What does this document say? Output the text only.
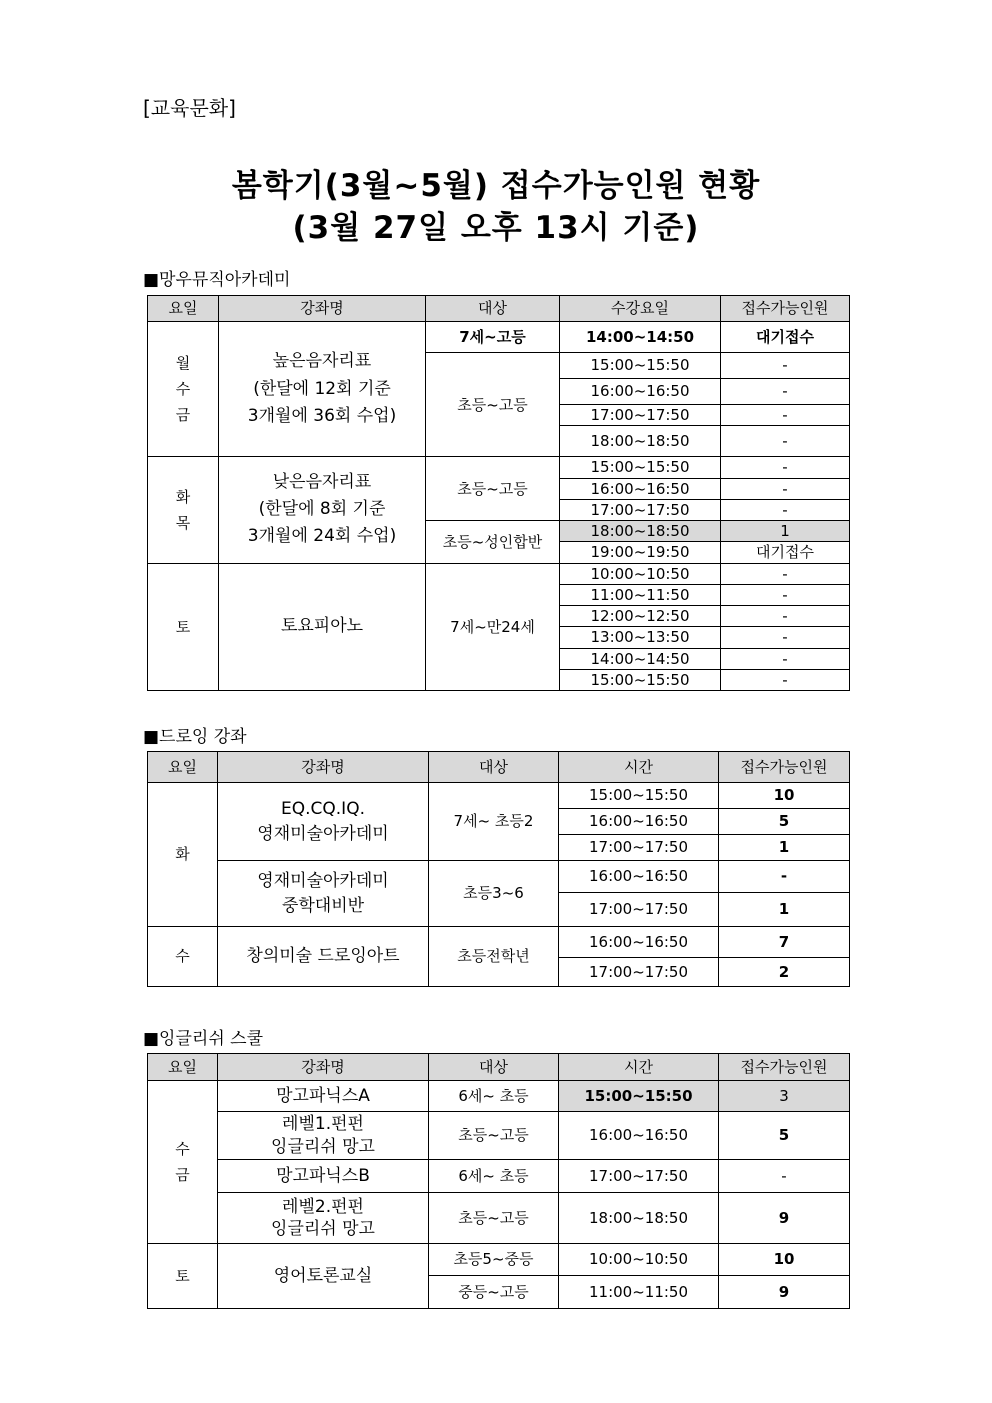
[교육문화]
봄학기(3월~5월) 접수가능인원 현황
(3월 27일 오후 13시 기준)
■망우뮤직아카데미
요일	강좌명	대상	수강요일	접수가능인원
월
수
금	높은음자리표
(한달에 12회 기준
3개월에 36회 수업)	7세~고등	14:00~14:50	대기접수
		초등~고등	15:00~15:50	-
			16:00~16:50	-
			17:00~17:50	-
			18:00~18:50	-
화
목	낮은음자리표
(한달에 8회 기준
3개월에 24회 수업)	초등~고등	15:00~15:50	-
			16:00~16:50	-
			17:00~17:50	-
		초등~성인합반	18:00~18:50	1
			19:00~19:50	대기접수
토	토요피아노	7세~만24세	10:00~10:50	-
			11:00~11:50	-
			12:00~12:50	-
			13:00~13:50	-
			14:00~14:50	-
			15:00~15:50	-
■드로잉 강좌
요일	강좌명	대상	시간	접수가능인원
화	EQ.CQ.IQ.
영재미술아카데미	7세~ 초등2	15:00~15:50	10
			16:00~16:50	5
			17:00~17:50	1
	영재미술아카데미
중학대비반	초등3~6	16:00~16:50	-
			17:00~17:50	1
수	창의미술 드로잉아트	초등전학년	16:00~16:50	7
			17:00~17:50	2
■잉글리쉬 스쿨
요일	강좌명	대상	시간	접수가능인원
수
금	망고파닉스A	6세~ 초등	15:00~15:50	3
	레벨1.펀펀
잉글리쉬 망고	초등~고등	16:00~16:50	5
	망고파닉스B	6세~ 초등	17:00~17:50	-
	레벨2.펀펀
잉글리쉬 망고	초등~고등	18:00~18:50	9
토	영어토론교실	초등5~중등	10:00~10:50	10
		중등~고등	11:00~11:50	9
